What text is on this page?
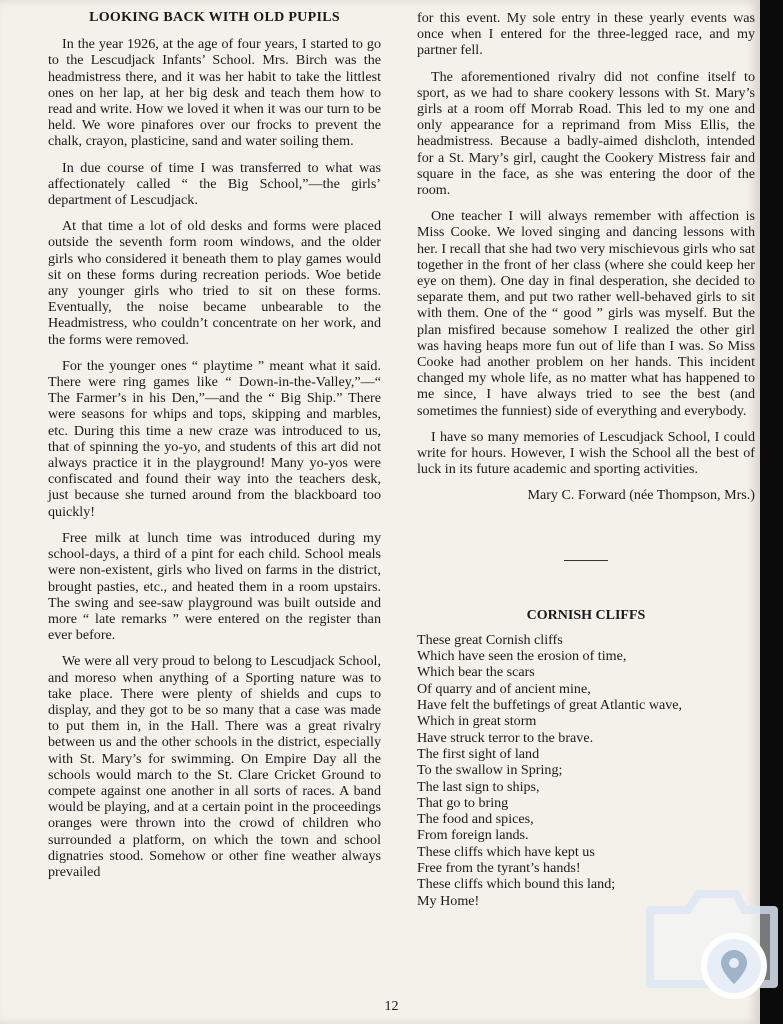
LOOKING BACK WITH OLD PUPILS

In the year 1926, at the age of four years, I started to go to the Lescudjack Infants’ School. Mrs. Birch was the headmistress there, and it was her habit to take the littlest ones on her lap, at her big desk and teach them how to read and write. How we loved it when it was our turn to be held. We wore pinafores over our frocks to prevent the chalk, crayon, plasticine, sand and water soiling them.

In due course of time I was transferred to what was affectionately called “ the Big School,”—the girls’ department of Lescudjack.

At that time a lot of old desks and forms were placed outside the seventh form room windows, and the older girls who considered it beneath them to play games would sit on these forms during recreation periods. Woe betide any younger girls who tried to sit on these forms. Eventually, the noise became unbearable to the Headmistress, who couldn’t concentrate on her work, and the forms were removed.

For the younger ones “ playtime ” meant what it said. There were ring games like “ Down-in-the-Valley,”—“ The Farmer’s in his Den,”—and the “ Big Ship.” There were seasons for whips and tops, skipping and marbles, etc. During this time a new craze was introduced to us, that of spinning the yo-yo, and students of this art did not always practice it in the playground! Many yo-yos were confiscated and found their way into the teachers desk, just because she turned around from the blackboard too quickly!

Free milk at lunch time was introduced during my school-days, a third of a pint for each child. School meals were non-existent, girls who lived on farms in the district, brought pasties, etc., and heated them in a room upstairs. The swing and see-saw playground was built outside and more “ late remarks ” were entered on the register than ever before.

We were all very proud to belong to Lescudjack School, and moreso when anything of a Sporting nature was to take place. There were plenty of shields and cups to display, and they got to be so many that a case was made to put them in, in the Hall. There was a great rivalry between us and the other schools in the district, especially with St. Mary’s for swimming. On Empire Day all the schools would march to the St. Clare Cricket Ground to compete against one another in all sorts of races. A band would be playing, and at a certain point in the proceedings oranges were thrown into the crowd of children who surrounded a platform, on which the town and school dignatries stood. Somehow or other fine weather always prevailed

for this event. My sole entry in these yearly events was once when I entered for the three-legged race, and my partner fell.

The aforementioned rivalry did not confine itself to sport, as we had to share cookery lessons with St. Mary’s girls at a room off Morrab Road. This led to my one and only appearance for a reprimand from Miss Ellis, the headmistress. Because a badly-aimed dishcloth, intended for a St. Mary’s girl, caught the Cookery Mistress fair and square in the face, as she was entering the door of the room.

One teacher I will always remember with affection is Miss Cooke. We loved singing and dancing lessons with her. I recall that she had two very mischievous girls who sat together in the front of her class (where she could keep her eye on them). One day in final desperation, she decided to separate them, and put two rather well-behaved girls to sit with them. One of the “ good ” girls was myself. But the plan misfired because somehow I realized the other girl was having heaps more fun out of life than I was. So Miss Cooke had another problem on her hands. This incident changed my whole life, as no matter what has happened to me since, I have always tried to see the best (and sometimes the funniest) side of everything and everybody.

I have so many memories of Lescudjack School, I could write for hours. However, I wish the School all the best of luck in its future academic and sporting activities.

Mary C. Forward (née Thompson, Mrs.)

CORNISH CLIFFS
These great Cornish cliffs
Which have seen the erosion of time,
Which bear the scars
Of quarry and of ancient mine,
Have felt the buffetings of great Atlantic wave,
Which in great storm
Have struck terror to the brave.
The first sight of land
To the swallow in Spring;
The last sign to ships,
That go to bring
The food and spices,
From foreign lands.
These cliffs which have kept us
Free from the tyrant’s hands!
These cliffs which bound this land;
My Home!
12
